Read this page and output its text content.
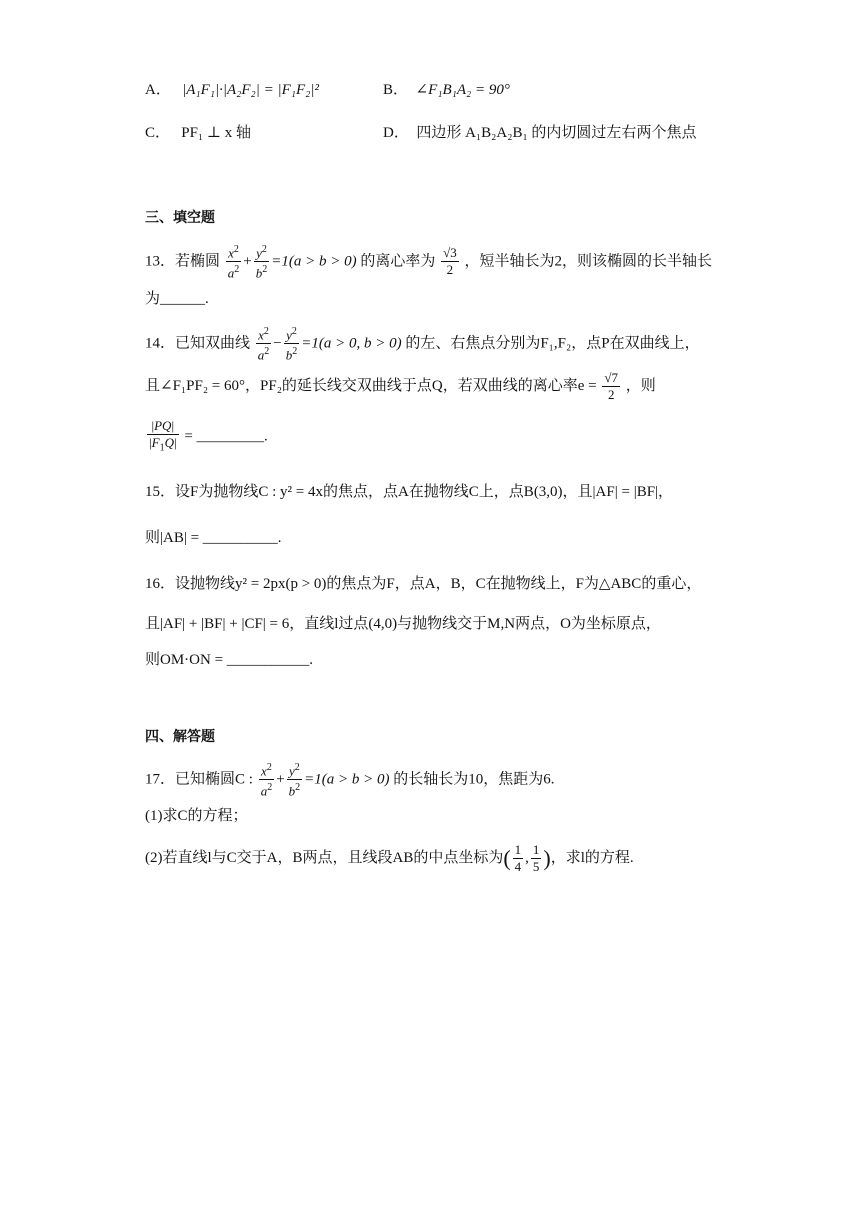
A． |A₁F₁|·|A₂F₂| = |F₁F₂|²	B． ∠F₁B₁A₂ = 90°
C． PF₁ ⊥ x 轴	D． 四边形 A₁B₂A₂B₁ 的内切圆过左右两个焦点
三、填空题
13．若椭圆 $\frac{x^2}{a^2} + \frac{y^2}{b^2} =1(a > b > 0)$ 的离心率为 $\frac{√3}{2}$ ，短半轴长为2，则该椭圆的长半轴长
为______.
14．已知双曲线 $\frac{x^2}{a^2} - \frac{y^2}{b^2} =1(a > 0$, b > 0) 的左、右焦点分别为F₁,F₂，点P在双曲线上，
且∠F₁PF₂ = 60°，PF₂的延长线交双曲线于点Q，若双曲线的离心率$e = \frac{√7}{2}$ ，则
$\frac{|PQ|}{|F_1Q|}$ = _________.
15．设F为抛物线C : y² = 4x的焦点，点A在抛物线C上，点B(3,0)，且|AF| = |BF|，
则|AB| = __________.
16．设抛物线y² = 2px(p > 0)的焦点为F，点A，B，C在抛物线上，F为△ABC的重心，
且|AF| + |BF| + |CF| = 6，直线l过点(4,0)与抛物线交于M,N两点，O为坐标原点，
则OM·ON = ___________.
四、解答题
17．已知椭圆C : $\frac{x^2}{a^2} + \frac{y^2}{b^2} =1(a > b > 0)$ 的长轴长为10，焦距为6.
(1)求C的方程；
(2)若直线l与C交于A，B两点，且线段AB的中点坐标为( $\frac{1}{4}$ , $\frac{1}{5}$ )，求l的方程.
